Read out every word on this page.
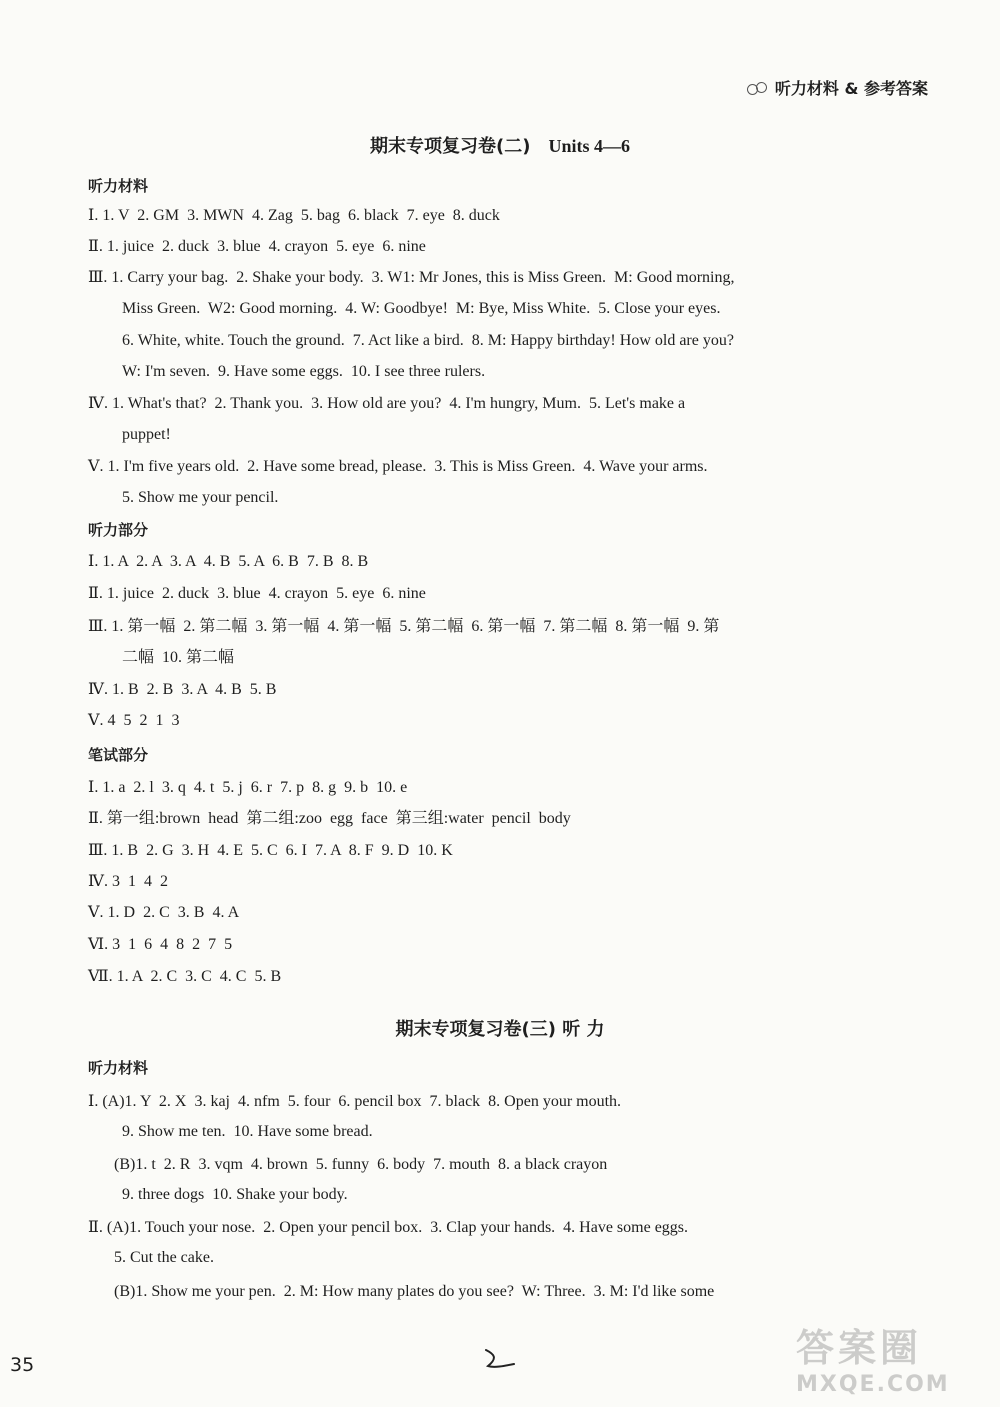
听力材料 & 参考答案
期末专项复习卷(二) Units 4—6
听力材料
Ⅰ. 1. V  2. GM  3. MWN  4. Zag  5. bag  6. black  7. eye  8. duck
Ⅱ. 1. juice  2. duck  3. blue  4. crayon  5. eye  6. nine
Ⅲ. 1. Carry your bag.  2. Shake your body.  3. W1: Mr Jones, this is Miss Green.  M: Good morning,
Miss Green.  W2: Good morning.  4. W: Goodbye!  M: Bye, Miss White.  5. Close your eyes.
6. White, white. Touch the ground.  7. Act like a bird.  8. M: Happy birthday! How old are you?
W: I'm seven.  9. Have some eggs.  10. I see three rulers.
Ⅳ. 1. What's that?  2. Thank you.  3. How old are you?  4. I'm hungry, Mum.  5. Let's make a
puppet!
Ⅴ. 1. I'm five years old.  2. Have some bread, please.  3. This is Miss Green.  4. Wave your arms.
5. Show me your pencil.
听力部分
Ⅰ. 1. A  2. A  3. A  4. B  5. A  6. B  7. B  8. B
Ⅱ. 1. juice  2. duck  3. blue  4. crayon  5. eye  6. nine
Ⅲ. 1. 第一幅  2. 第二幅  3. 第一幅  4. 第一幅  5. 第二幅  6. 第一幅  7. 第二幅  8. 第一幅  9. 第
二幅  10. 第二幅
Ⅳ. 1. B  2. B  3. A  4. B  5. B
Ⅴ. 4  5  2  1  3
笔试部分
Ⅰ. 1. a  2. l  3. q  4. t  5. j  6. r  7. p  8. g  9. b  10. e
Ⅱ. 第一组:brown  head  第二组:zoo  egg  face  第三组:water  pencil  body
Ⅲ. 1. B  2. G  3. H  4. E  5. C  6. I  7. A  8. F  9. D  10. K
Ⅳ. 3  1  4  2
Ⅴ. 1. D  2. C  3. B  4. A
Ⅵ. 3  1  6  4  8  2  7  5
Ⅶ. 1. A  2. C  3. C  4. C  5. B
期末专项复习卷(三) 听 力
听力材料
Ⅰ. (A)1. Y  2. X  3. kaj  4. nfm  5. four  6. pencil box  7. black  8. Open your mouth.
9. Show me ten.  10. Have some bread.
(B)1. t  2. R  3. vqm  4. brown  5. funny  6. body  7. mouth  8. a black crayon
9. three dogs  10. Shake your body.
Ⅱ. (A)1. Touch your nose.  2. Open your pencil box.  3. Clap your hands.  4. Have some eggs.
5. Cut the cake.
(B)1. Show me your pen.  2. M: How many plates do you see?  W: Three.  3. M: I'd like some
35	答案圈
MXQE.COM
